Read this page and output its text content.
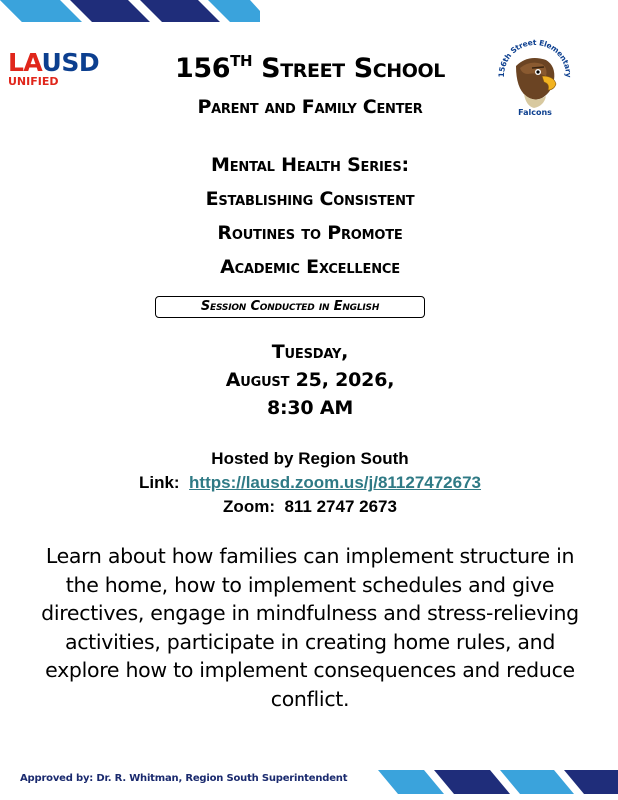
LAUSD
UNIFIED
156th Street Elementary
Falcons
156TH Street School
Parent and Family Center
Mental Health Series:
Establishing Consistent
Routines to Promote
Academic Excellence
Session Conducted in English
Tuesday,
August 25, 2026,
8:30 AM
Hosted by Region South
Link: https://lausd.zoom.us/j/81127472673
Zoom: 811 2747 2673
Learn about how families can implement structure in the home, how to implement schedules and give directives, engage in mindfulness and stress-relieving activities, participate in creating home rules, and explore how to implement consequences and reduce conflict.
Approved by: Dr. R. Whitman, Region South Superintendent
